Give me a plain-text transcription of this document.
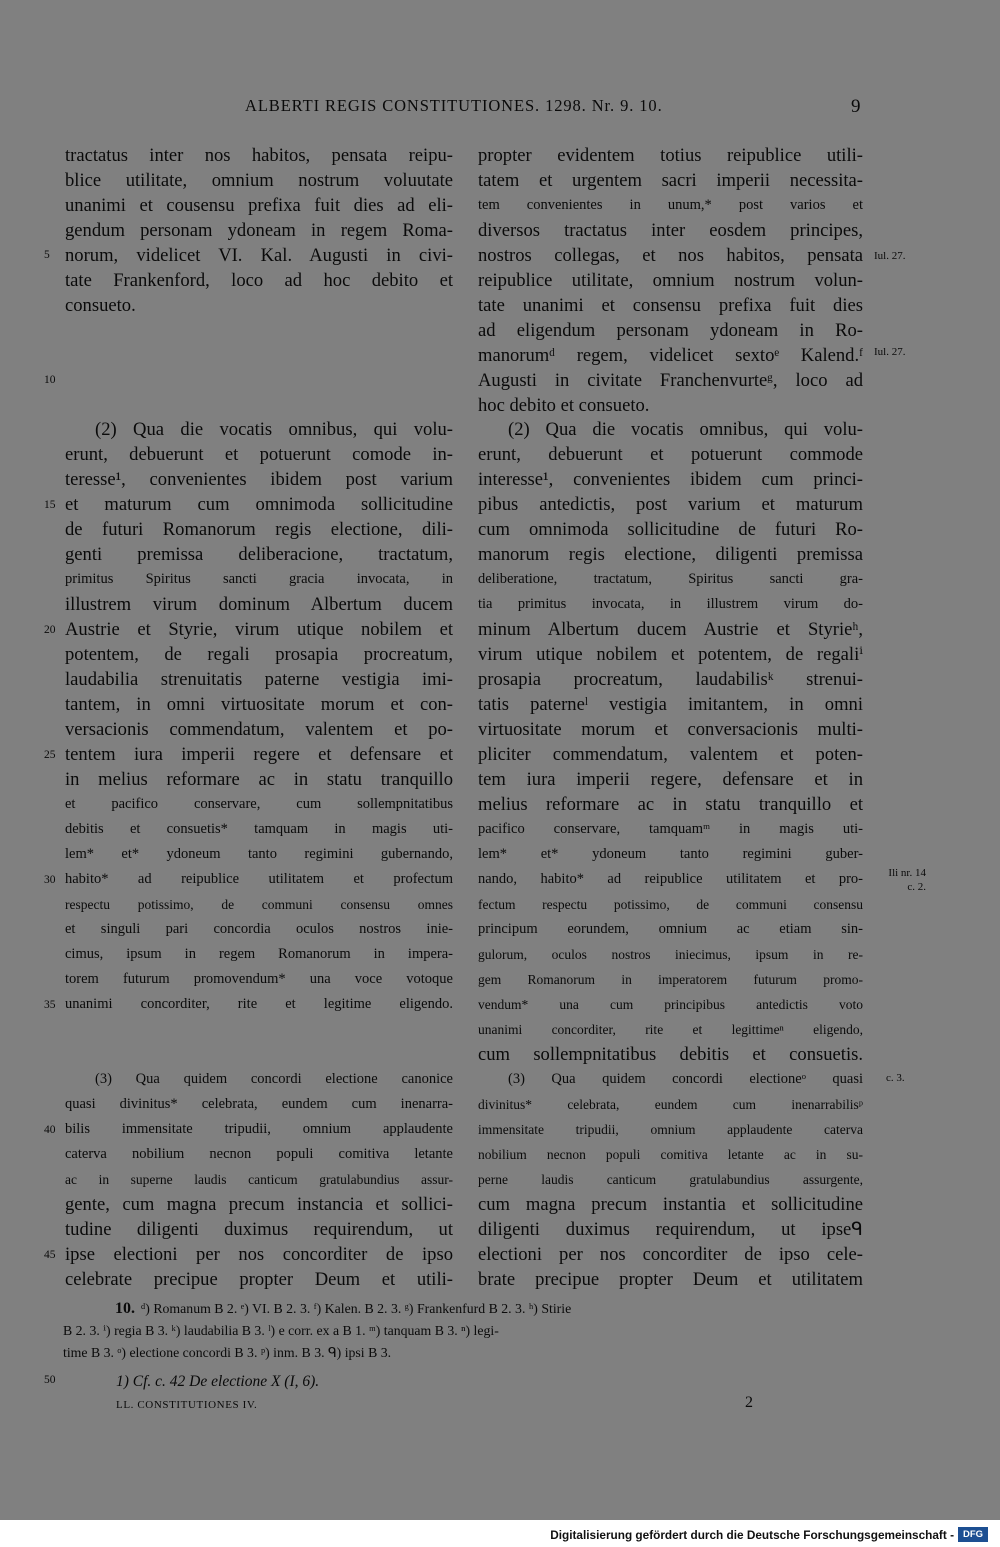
ALBERTI REGIS CONSTITUTIONES. 1298. Nr. 9. 10.	9
tractatus inter nos habitos, pensata reipu-
blice utilitate, omnium nostrum voluutate
unanimi et cousensu prefixa fuit dies ad eli-
gendum personam ydoneam in regem Roma-
norum, videlicet VI. Kal. Augusti in civi-
tate Frankenford, loco ad hoc debito et
consueto.
(2) Qua die vocatis omnibus, qui volu-
erunt, debuerunt et potuerunt comode in-
teresse¹, convenientes ibidem post varium
et maturum cum omnimoda sollicitudine
de futuri Romanorum regis electione, dili-
genti premissa deliberacione, tractatum,
primitus Spiritus sancti gracia invocata, in
illustrem virum dominum Albertum ducem
Austrie et Styrie, virum utique nobilem et
potentem, de regali prosapia procreatum,
laudabilia strenuitatis paterne vestigia imi-
tantem, in omni virtuositate morum et con-
versacionis commendatum, valentem et po-
tentem iura imperii regere et defensare et
in melius reformare ac in statu tranquillo
et pacifico conservare, cum sollempnitatibus
debitis et consuetis* tamquam in magis uti-
lem* et* ydoneum tanto regimini gubernando,
habito* ad reipublice utilitatem et profectum
respectu potissimo, de communi consensu omnes
et singuli pari concordia oculos nostros inie-
cimus, ipsum in regem Romanorum in impera-
torem futurum promovendum* una voce votoque
unanimi concorditer, rite et legitime eligendo.
(3) Qua quidem concordi electione canonice
quasi divinitus* celebrata, eundem cum inenarra-
bilis immensitate tripudii, omnium applaudente
caterva nobilium necnon populi comitiva letante
ac in superne laudis canticum gratulabundius assur-
gente, cum magna precum instancia et sollici-
tudine diligenti duximus requirendum, ut
ipse electioni per nos concorditer de ipso
celebrate precipue propter Deum et utili-
propter evidentem totius reipublice utili-
tatem et urgentem sacri imperii necessita-
tem convenientes in unum,* post varios et
diversos tractatus inter eosdem principes,
nostros collegas, et nos habitos, pensata
reipublice utilitate, omnium nostrum volun-
tate unanimi et consensu prefixa fuit dies
ad eligendum personam ydoneam in Ro-
manorumᵈ regem, videlicet sextoᵉ Kalend.ᶠ
Augusti in civitate Franchenvurteᵍ, loco ad
hoc debito et consueto.
(2) Qua die vocatis omnibus, qui volu-
erunt, debuerunt et potuerunt commode
interesse¹, convenientes ibidem cum princi-
pibus antedictis, post varium et maturum
cum omnimoda sollicitudine de futuri Ro-
manorum regis electione, diligenti premissa
deliberatione, tractatum, Spiritus sancti gra-
tia primitus invocata, in illustrem virum do-
minum Albertum ducem Austrie et Styrieʰ,
virum utique nobilem et potentem, de regaliⁱ
prosapia procreatum, laudabilisᵏ strenui-
tatis paterneˡ vestigia imitantem, in omni
virtuositate morum et conversacionis multi-
pliciter commendatum, valentem et poten-
tem iura imperii regere, defensare et in
melius reformare ac in statu tranquillo et
pacifico conservare, tamquamᵐ in magis uti-
lem* et* ydoneum tanto regimini guber-
nando, habito* ad reipublice utilitatem et pro-
fectum respectu potissimo, de communi consensu
principum eorundem, omnium ac etiam sin-
gulorum, oculos nostros iniecimus, ipsum in re-
gem Romanorum in imperatorem futurum promo-
vendum* una cum principibus antedictis voto
unanimi concorditer, rite et legittimeⁿ eligendo,
cum sollempnitatibus debitis et consuetis.
(3) Qua quidem concordi electioneᵒ quasi
divinitus* celebrata, eundem cum inenarrabilisᵖ
immensitate tripudii, omnium applaudente caterva
nobilium necnon populi comitiva letante ac in su-
perne laudis canticum gratulabundius assurgente,
cum magna precum instantia et sollicitudine
diligenti duximus requirendum, ut ipseᑫ
electioni per nos concorditer de ipso cele-
brate precipue propter Deum et utilitatem
5
10
15
20
25
30
35
40
45
50
Iul. 27.
Iul. 27.
Ili nr. 14
c. 2.
c. 3.
10. ᵈ) Romanum B 2. ᵉ) VI. B 2. 3. ᶠ) Kalen. B 2. 3. ᵍ) Frankenfurd B 2. 3. ʰ) Stirie
B 2. 3. ⁱ) regia B 3. ᵏ) laudabilia B 3. ˡ) e corr. ex a B 1. ᵐ) tanquam B 3. ⁿ) legi-
time B 3. ᵒ) electione concordi B 3. ᵖ) inm. B 3. ᑫ) ipsi B 3.
1) Cf. c. 42 De electione X (I, 6).
LL. CONSTITUTIONES IV.	2
Digitalisierung gefördert durch die Deutsche Forschungsgemeinschaft - DFG
